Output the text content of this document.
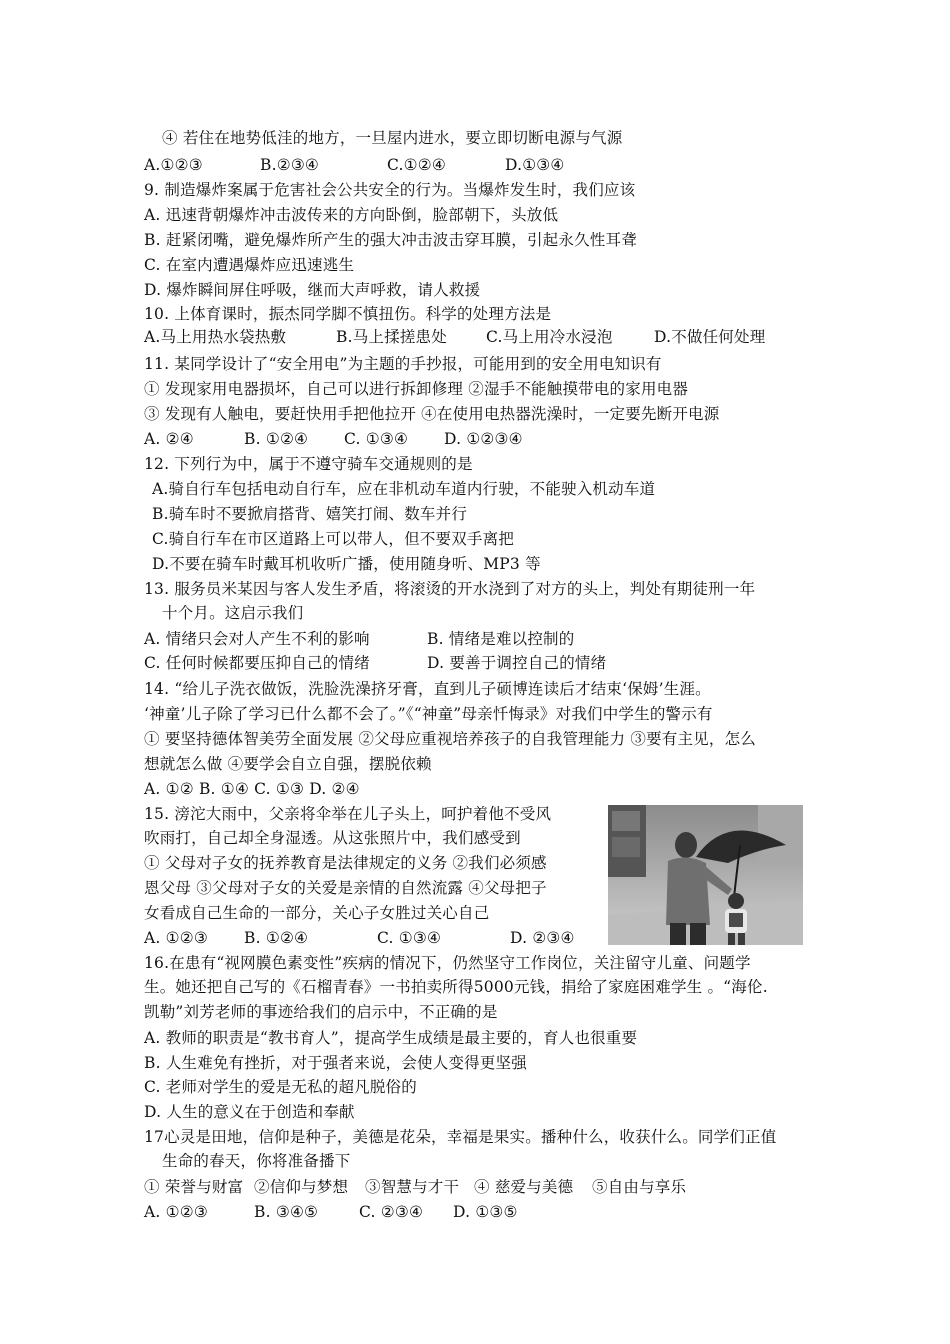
④ 若住在地势低洼的地方，一旦屋内进水，要立即切断电源与气源
A.①②③	B.②③④	C.①②④	D.①③④
9. 制造爆炸案属于危害社会公共安全的行为。当爆炸发生时，我们应该
A. 迅速背朝爆炸冲击波传来的方向卧倒，脸部朝下，头放低
B. 赶紧闭嘴，避免爆炸所产生的强大冲击波击穿耳膜，引起永久性耳聋
C. 在室内遭遇爆炸应迅速逃生
D. 爆炸瞬间屏住呼吸，继而大声呼救，请人救援
10. 上体育课时，振杰同学脚不慎扭伤。科学的处理方法是
A.马上用热水袋热敷	B.马上揉搓患处	C.马上用冷水浸泡	D.不做任何处理
11. 某同学设计了“安全用电”为主题的手抄报，可能用到的安全用电知识有
① 发现家用电器损坏，自己可以进行拆卸修理 ②湿手不能触摸带电的家用电器
③ 发现有人触电，要赶快用手把他拉开 ④在使用电热器洗澡时，一定要先断开电源
A. ②④	B. ①②④ C. ①③④ D. ①②③④
12. 下列行为中，属于不遵守骑车交通规则的是
A.骑自行车包括电动自行车，应在非机动车道内行驶，不能驶入机动车道
B.骑车时不要掀肩搭背、嬉笑打闹、数车并行
C.骑自行车在市区道路上可以带人，但不要双手离把
D.不要在骑车时戴耳机收听广播，使用随身听、MP3 等
13. 服务员米某因与客人发生矛盾，将滚烫的开水浇到了对方的头上，判处有期徒刑一年
十个月。这启示我们
A. 情绪只会对人产生不利的影响	B. 情绪是难以控制的
C. 任何时候都要压抑自己的情绪	D. 要善于调控自己的情绪
14. “给儿子洗衣做饭，洗脸洗澡挤牙膏，直到儿子硕博连读后才结束‘保姆’生涯。
‘神童’儿子除了学习已什么都不会了。”《“神童”母亲忏悔录》对我们中学生的警示有
① 要坚持德体智美劳全面发展 ②父母应重视培养孩子的自我管理能力 ③要有主见，怎么
想就怎么做 ④要学会自立自强，摆脱依赖
A. ①② B. ①④ C. ①③ D. ②④
15. 滂沱大雨中，父亲将伞举在儿子头上，呵护着他不受风
吹雨打，自己却全身湿透。从这张照片中，我们感受到
① 父母对子女的抚养教育是法律规定的义务 ②我们必须感
恩父母 ③父母对子女的关爱是亲情的自然流露 ④父母把子
女看成自己生命的一部分，关心子女胜过关心自己
A. ①②③ B. ①②④	C. ①③④	D. ②③④
16.在患有“视网膜色素变性”疾病的情况下，仍然坚守工作岗位，关注留守儿童、问题学
生。她还把自己写的《石榴青春》一书拍卖所得5000元钱，捐给了家庭困难学生 。“海伦.
凯勒”刘芳老师的事迹给我们的启示中，不正确的是
A. 教师的职责是“教书育人”，提高学生成绩是最主要的，育人也很重要
B. 人生难免有挫折，对于强者来说，会使人变得更坚强
C. 老师对学生的爱是无私的超凡脱俗的
D. 人生的意义在于创造和奉献
17心灵是田地，信仰是种子，美德是花朵，幸福是果实。播种什么，收获什么。同学们正值
生命的春天，你将准备播下
① 荣誉与财富 ②信仰与梦想 ③智慧与才干 ④ 慈爱与美德 ⑤自由与享乐
A. ①②③	B. ③④⑤	C. ②③④ D. ①③⑤
